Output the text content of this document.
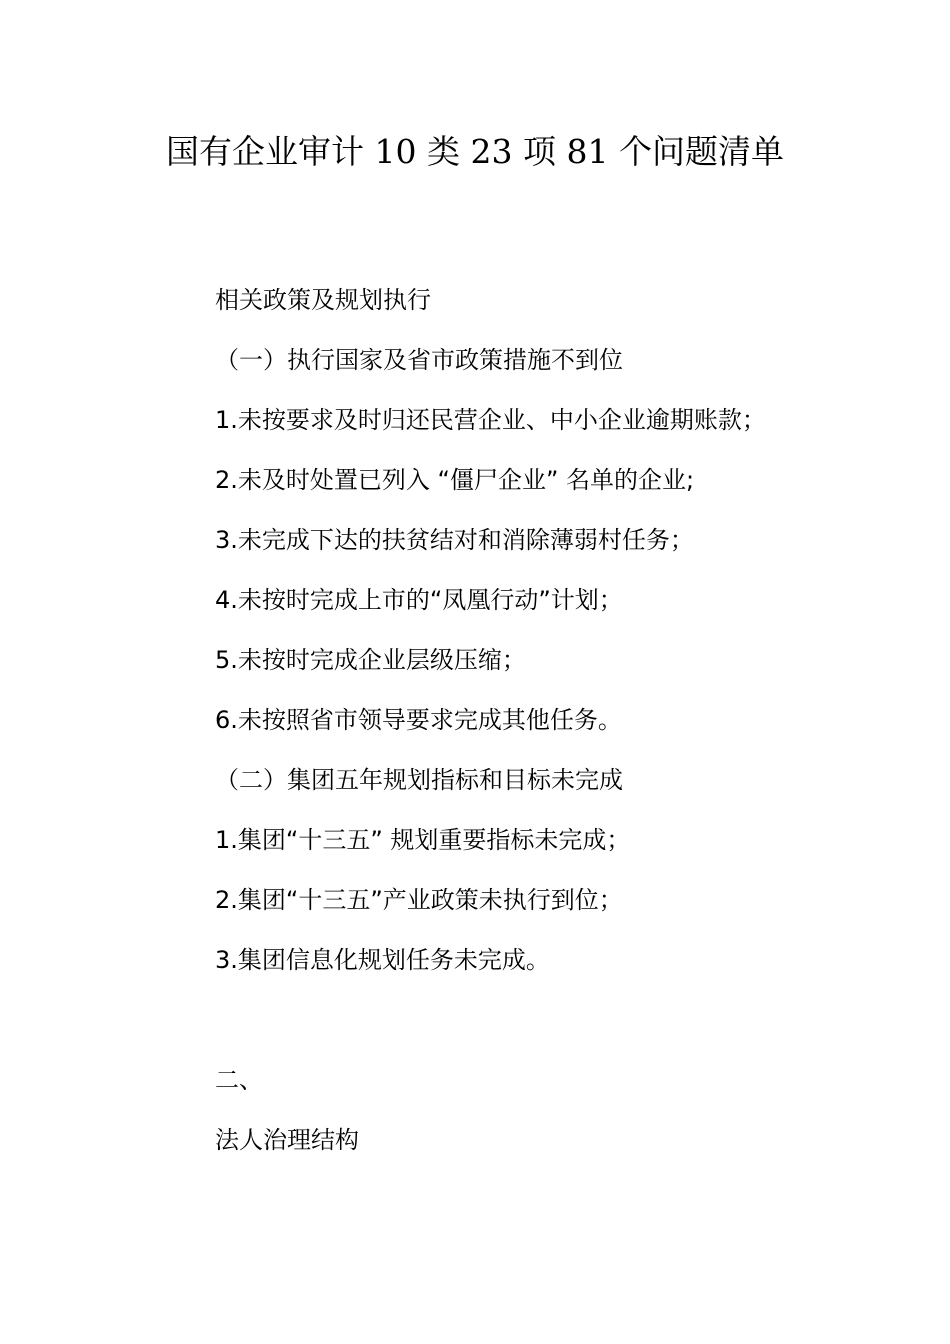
国有企业审计 10 类 23 项 81 个问题清单
相关政策及规划执行
（一）执行国家及省市政策措施不到位
1.未按要求及时归还民营企业、中小企业逾期账款；
2.未及时处置已列入 “僵尸企业” 名单的企业;
3.未完成下达的扶贫结对和消除薄弱村任务；
4.未按时完成上市的“凤凰行动”计划；
5.未按时完成企业层级压缩；
6.未按照省市领导要求完成其他任务。
（二）集团五年规划指标和目标未完成
1.集团“十三五” 规划重要指标未完成；
2.集团“十三五”产业政策未执行到位；
3.集团信息化规划任务未完成。
二、
法人治理结构
